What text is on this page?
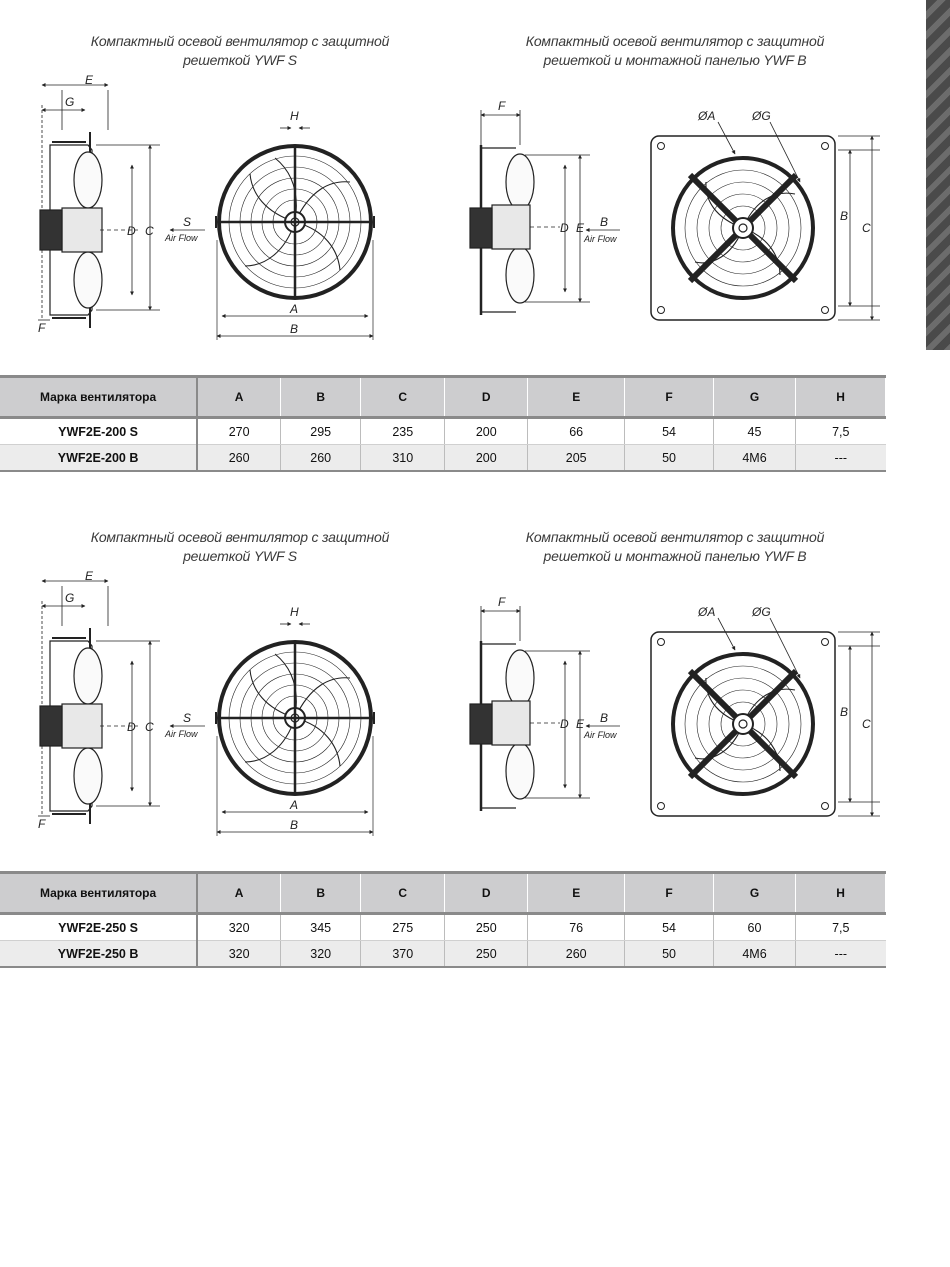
Компактный осевой вентилятор с защитной
решеткой YWF S
Компактный осевой вентилятор с защитной
решеткой и монтажной панелью YWF B
E
G
D C
F
S
Air Flow
H
A
B
F
D E B
Air Flow
ØA	ØG
B
C
Марка вентилятора	A	B	C	D	E	F	G	H
YWF2E-200 S	270	295	235	200	66	54	45	7,5
YWF2E-200 B	260	260	310	200	205	50	4M6	---
Компактный осевой вентилятор с защитной
решеткой YWF S
Компактный осевой вентилятор с защитной
решеткой и монтажной панелью YWF B
E
G
D C
F
S
Air Flow
H
A
B
F
D E B
Air Flow
ØA	ØG
B
C
Марка вентилятора	A	B	C	D	E	F	G	H
YWF2E-250 S	320	345	275	250	76	54	60	7,5
YWF2E-250 B	320	320	370	250	260	50	4M6	---
